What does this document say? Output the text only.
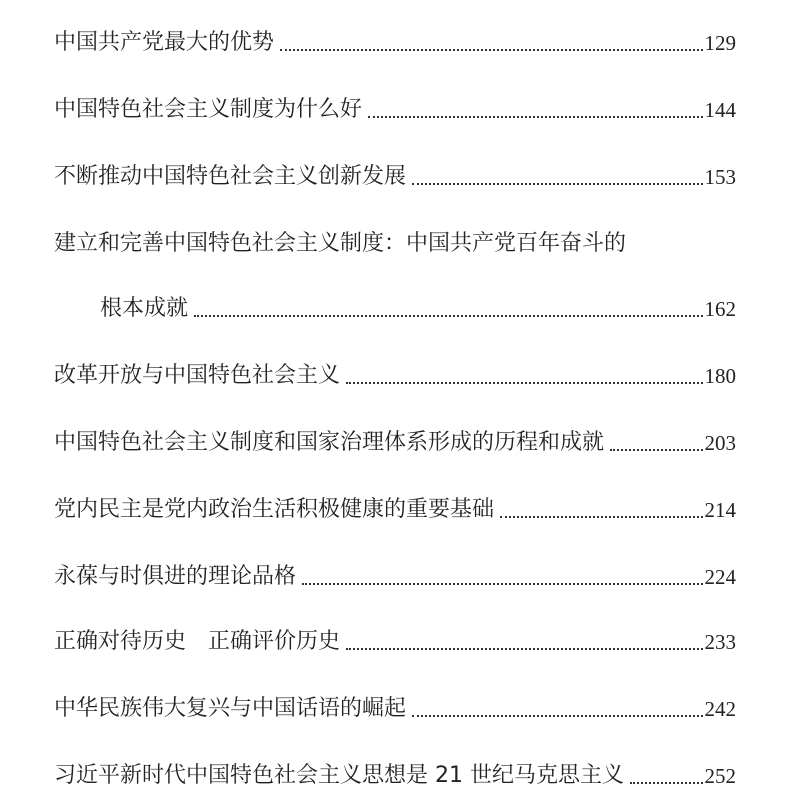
中国共产党最大的优势	129
中国特色社会主义制度为什么好	144
不断推动中国特色社会主义创新发展	153
建立和完善中国特色社会主义制度：中国共产党百年奋斗的
根本成就	162
改革开放与中国特色社会主义	180
中国特色社会主义制度和国家治理体系形成的历程和成就	203
党内民主是党内政治生活积极健康的重要基础	214
永葆与时俱进的理论品格	224
正确对待历史　正确评价历史	233
中华民族伟大复兴与中国话语的崛起	242
习近平新时代中国特色社会主义思想是 21 世纪马克思主义	252
